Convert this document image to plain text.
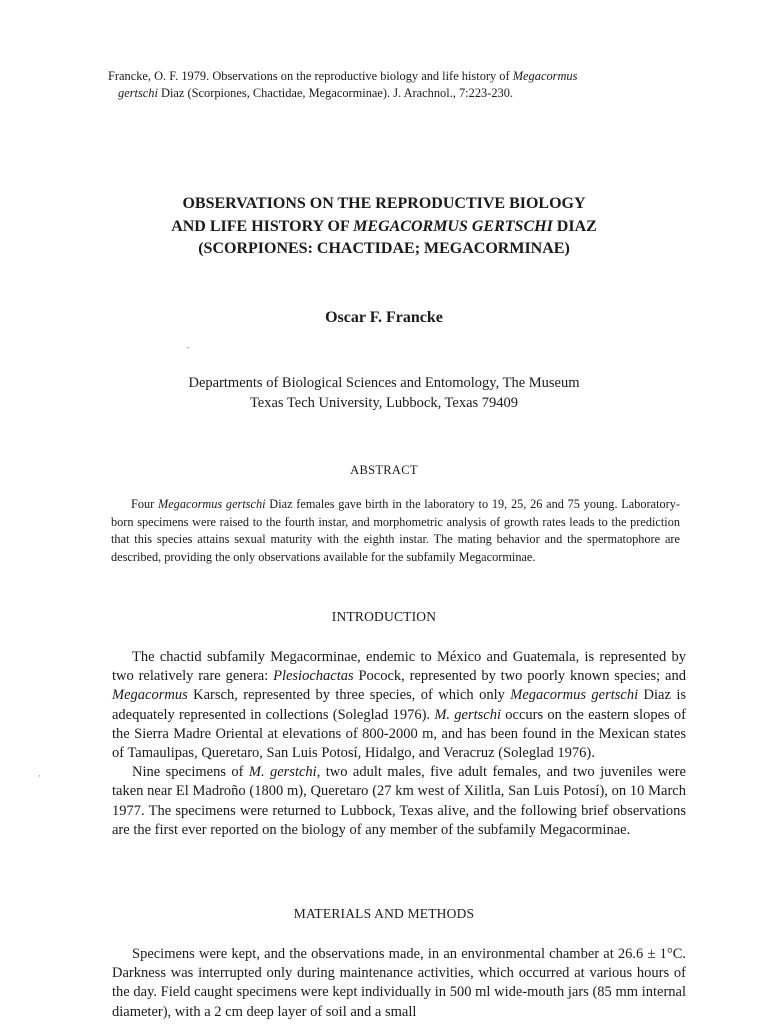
Francke, O. F. 1979. Observations on the reproductive biology and life history of Megacormus
gertschi Diaz (Scorpiones, Chactidae, Megacorminae). J. Arachnol., 7:223-230.
OBSERVATIONS ON THE REPRODUCTIVE BIOLOGY
AND LIFE HISTORY OF MEGACORMUS GERTSCHI DIAZ
(SCORPIONES: CHACTIDAE; MEGACORMINAE)
Oscar F. Francke
-
Departments of Biological Sciences and Entomology, The Museum
Texas Tech University, Lubbock, Texas 79409
ABSTRACT

Four Megacormus gertschi Diaz females gave birth in the laboratory to 19, 25, 26 and 75 young. Laboratory-born specimens were raised to the fourth instar, and morphometric analysis of growth rates leads to the prediction that this species attains sexual maturity with the eighth instar. The mating behavior and the spermatophore are described, providing the only observations available for the subfamily Megacorminae.

INTRODUCTION

The chactid subfamily Megacorminae, endemic to México and Guatemala, is represented by two relatively rare genera: Plesiochactas Pocock, represented by two poorly known species; and Megacormus Karsch, represented by three species, of which only Megacormus gertschi Diaz is adequately represented in collections (Soleglad 1976). M. gertschi occurs on the eastern slopes of the Sierra Madre Oriental at elevations of 800-2000 m, and has been found in the Mexican states of Tamaulipas, Queretaro, San Luis Potosí, Hidalgo, and Veracruz (Soleglad 1976).

Nine specimens of M. gerstchi, two adult males, five adult females, and two juveniles were taken near El Madroño (1800 m), Queretaro (27 km west of Xilitla, San Luis Potosí), on 10 March 1977. The specimens were returned to Lubbock, Texas alive, and the following brief observations are the first ever reported on the biology of any member of the subfamily Megacorminae.

·
MATERIALS AND METHODS

Specimens were kept, and the observations made, in an environmental chamber at 26.6 ± 1°C. Darkness was interrupted only during maintenance activities, which occurred at various hours of the day. Field caught specimens were kept individually in 500 ml wide-mouth jars (85 mm internal diameter), with a 2 cm deep layer of soil and a small
